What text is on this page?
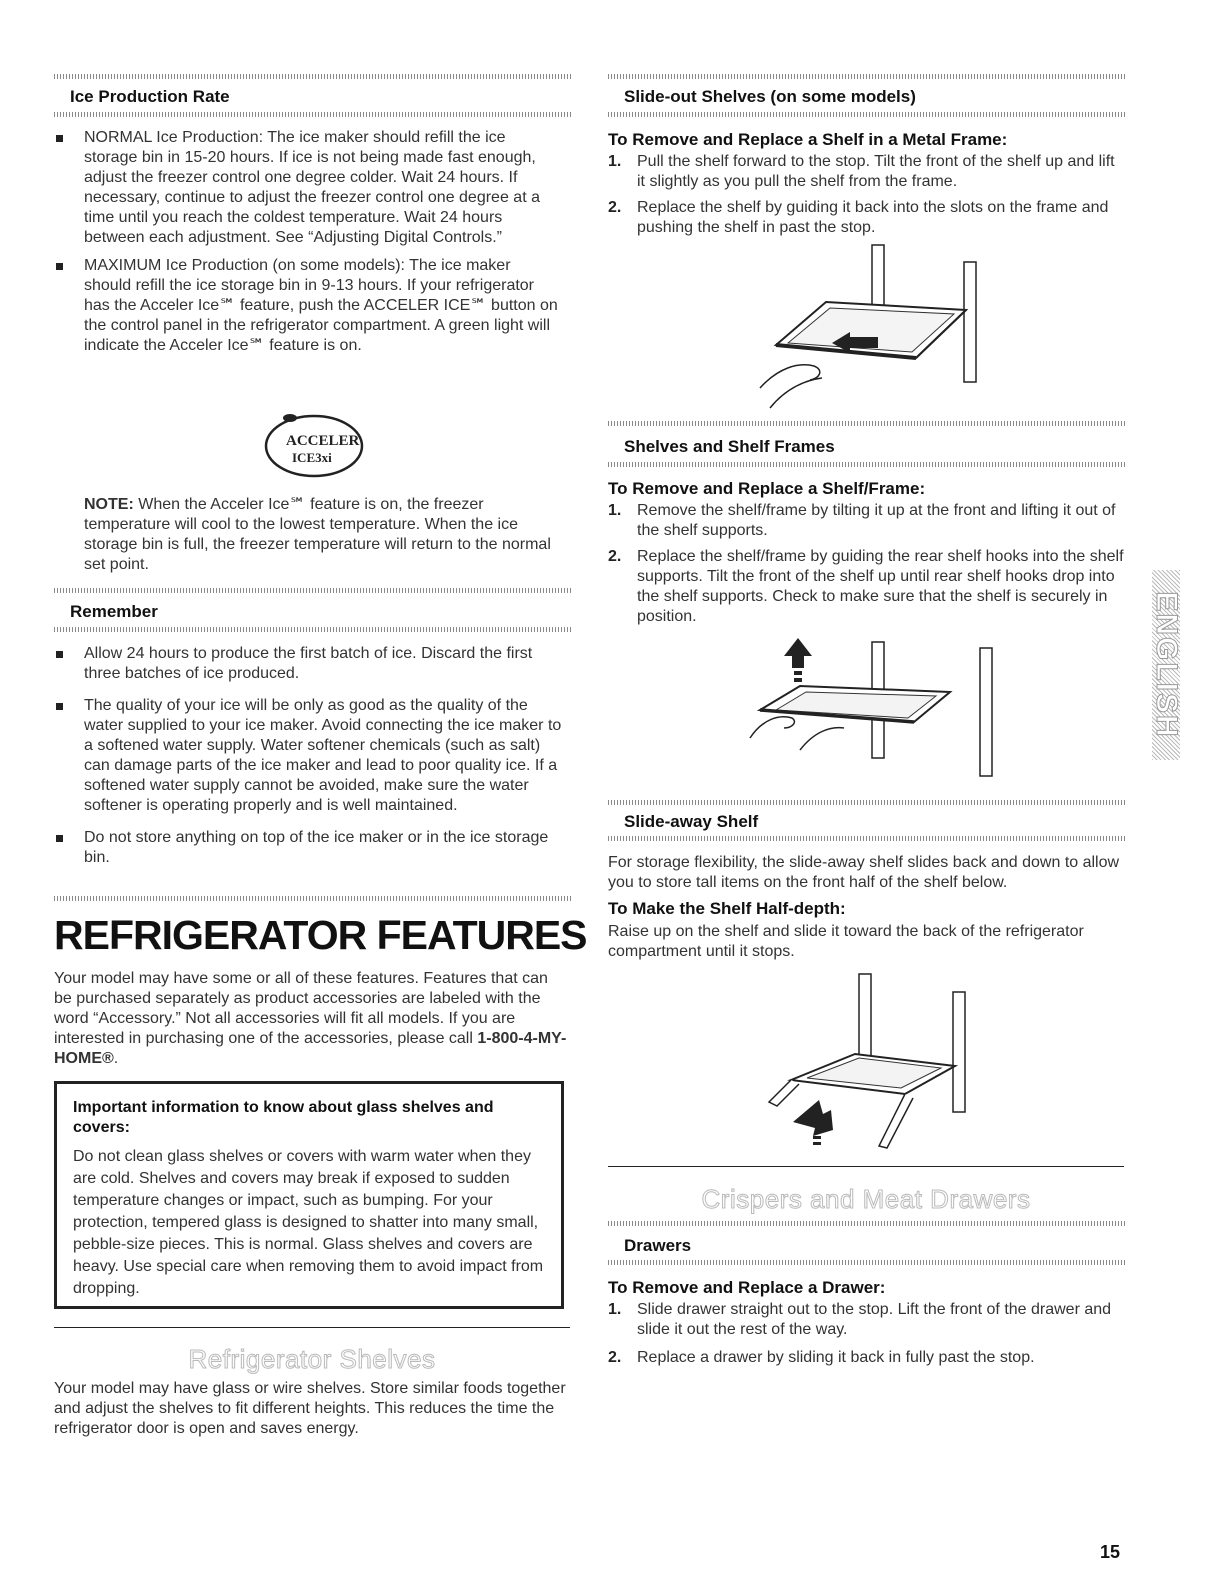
Ice Production Rate
NORMAL Ice Production: The ice maker should refill the ice storage bin in 15-20 hours. If ice is not being made fast enough, adjust the freezer control one degree colder. Wait 24 hours. If necessary, continue to adjust the freezer control one degree at a time until you reach the coldest temperature. Wait 24 hours between each adjustment. See “Adjusting Digital Controls.”
MAXIMUM Ice Production (on some models): The ice maker should refill the ice storage bin in 9-13 hours. If your refrigerator has the Acceler Ice℠ feature, push the ACCELER ICE℠ button on the control panel in the refrigerator compartment. A green light will indicate the Acceler Ice℠ feature is on.
ACCELER
ICE3xi

NOTE: When the Acceler Ice℠ feature is on, the freezer temperature will cool to the lowest temperature. When the ice storage bin is full, the freezer temperature will return to the normal set point.

Remember
Allow 24 hours to produce the first batch of ice. Discard the first three batches of ice produced.
The quality of your ice will be only as good as the quality of the water supplied to your ice maker. Avoid connecting the ice maker to a softened water supply. Water softener chemicals (such as salt) can damage parts of the ice maker and lead to poor quality ice. If a softened water supply cannot be avoided, make sure the water softener is operating properly and is well maintained.
Do not store anything on top of the ice maker or in the ice storage bin.
REFRIGERATOR FEATURES

Your model may have some or all of these features. Features that can be purchased separately as product accessories are labeled with the word “Accessory.” Not all accessories will fit all models. If you are interested in purchasing one of the accessories, please call 1-800-4-MY-HOME®.

Important information to know about glass shelves and covers:

Do not clean glass shelves or covers with warm water when they are cold. Shelves and covers may break if exposed to sudden temperature changes or impact, such as bumping. For your protection, tempered glass is designed to shatter into many small, pebble-size pieces. This is normal. Glass shelves and covers are heavy. Use special care when removing them to avoid impact from dropping.

Refrigerator Shelves

Your model may have glass or wire shelves. Store similar foods together and adjust the shelves to fit different heights. This reduces the time the refrigerator door is open and saves energy.

Slide-out Shelves (on some models)
To Remove and Replace a Shelf in a Metal Frame:
1. Pull the shelf forward to the stop. Tilt the front of the shelf up and lift it slightly as you pull the shelf from the frame.
2. Replace the shelf by guiding it back into the slots on the frame and pushing the shelf in past the stop.
Shelves and Shelf Frames
To Remove and Replace a Shelf/Frame:
1. Remove the shelf/frame by tilting it up at the front and lifting it out of the shelf supports.
2. Replace the shelf/frame by guiding the rear shelf hooks into the shelf supports. Tilt the front of the shelf up until rear shelf hooks drop into the shelf supports. Check to make sure that the shelf is securely in position.
Slide-away Shelf

For storage flexibility, the slide-away shelf slides back and down to allow you to store tall items on the front half of the shelf below.

To Make the Shelf Half-depth:

Raise up on the shelf and slide it toward the back of the refrigerator compartment until it stops.

Crispers and Meat Drawers
Drawers
To Remove and Replace a Drawer:
1. Slide drawer straight out to the stop. Lift the front of the drawer and slide it out the rest of the way.
2. Replace a drawer by sliding it back in fully past the stop.
ENGLISH
15
